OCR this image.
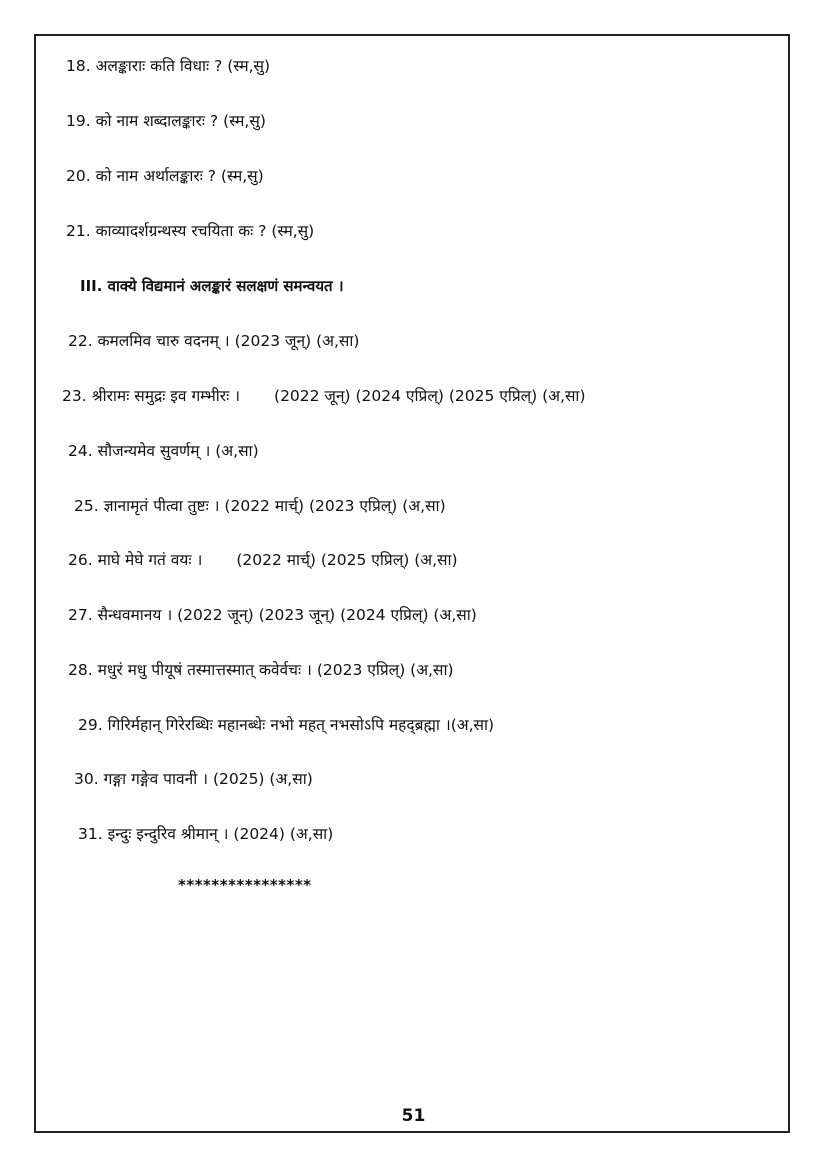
18. अलङ्काराः कति विधाः ? (स्म,सु)
19. को नाम शब्दालङ्कारः ? (स्म,सु)
20. को नाम अर्थालङ्कारः ? (स्म,सु)
21. काव्यादर्शग्रन्थस्य रचयिता कः ? (स्म,सु)
III. वाक्ये विद्यमानं अलङ्कारं सलक्षणं समन्वयत ।
22. कमलमिव चारु वदनम् । (2023 जून्) (अ,सा)
23. श्रीरामः समुद्रः इव गम्भीरः । (2022 जून्) (2024 एप्रिल्) (2025 एप्रिल्) (अ,सा)
24. सौजन्यमेव सुवर्णम् । (अ,सा)
25. ज्ञानामृतं पीत्वा तुष्टः । (2022 मार्च्) (2023 एप्रिल्) (अ,सा)
26. माघे मेघे गतं वयः । (2022 मार्च्) (2025 एप्रिल्) (अ,सा)
27. सैन्धवमानय । (2022 जून्) (2023 जून्) (2024 एप्रिल्) (अ,सा)
28. मधुरं मधु पीयूषं तस्मात्तस्मात् कवेर्वचः । (2023 एप्रिल्) (अ,सा)
29. गिरिर्महान् गिरेरब्धिः महानब्धेः नभो महत् नभसोऽपि महद्ब्रह्मा ।(अ,सा)
30. गङ्गा गङ्गेव पावनी । (2025) (अ,सा)
31. इन्दुः इन्दुरिव श्रीमान् । (2024) (अ,सा)
****************
51
